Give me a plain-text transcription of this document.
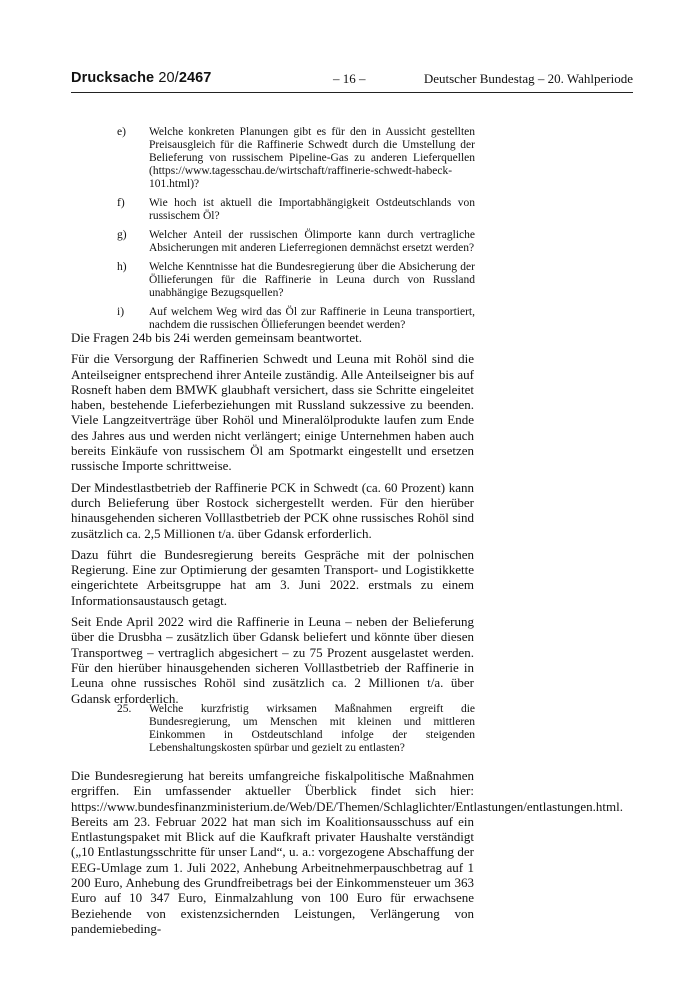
Drucksache 20/2467	– 16 –	Deutscher Bundestag – 20. Wahlperiode
e) Welche konkreten Planungen gibt es für den in Aussicht gestellten Preisausgleich für die Raffinerie Schwedt durch die Umstellung der Belieferung von russischem Pipeline-Gas zu anderen Lieferquellen (https://www.tagesschau.de/wirtschaft/raffinerie-schwedt-habeck-101.html)?
f) Wie hoch ist aktuell die Importabhängigkeit Ostdeutschlands von russischem Öl?
g) Welcher Anteil der russischen Ölimporte kann durch vertragliche Absicherungen mit anderen Lieferregionen demnächst ersetzt werden?
h) Welche Kenntnisse hat die Bundesregierung über die Absicherung der Öllieferungen für die Raffinerie in Leuna durch von Russland unabhängige Bezugsquellen?
i) Auf welchem Weg wird das Öl zur Raffinerie in Leuna transportiert, nachdem die russischen Öllieferungen beendet werden?

Die Fragen 24b bis 24i werden gemeinsam beantwortet.

Für die Versorgung der Raffinerien Schwedt und Leuna mit Rohöl sind die Anteilseigner entsprechend ihrer Anteile zuständig. Alle Anteilseigner bis auf Rosneft haben dem BMWK glaubhaft versichert, dass sie Schritte eingeleitet haben, bestehende Lieferbeziehungen mit Russland sukzessive zu beenden. Viele Langzeitverträge über Rohöl und Mineralölprodukte laufen zum Ende des Jahres aus und werden nicht verlängert; einige Unternehmen haben auch bereits Einkäufe von russischem Öl am Spotmarkt eingestellt und ersetzen russische Importe schrittweise.

Der Mindestlastbetrieb der Raffinerie PCK in Schwedt (ca. 60 Prozent) kann durch Belieferung über Rostock sichergestellt werden. Für den hierüber hinausgehenden sicheren Volllastbetrieb der PCK ohne russisches Rohöl sind zusätzlich ca. 2,5 Millionen t/a. über Gdansk erforderlich.

Dazu führt die Bundesregierung bereits Gespräche mit der polnischen Regierung. Eine zur Optimierung der gesamten Transport- und Logistikkette eingerichtete Arbeitsgruppe hat am 3. Juni 2022. erstmals zu einem Informationsaustausch getagt.

Seit Ende April 2022 wird die Raffinerie in Leuna – neben der Belieferung über die Drusbha – zusätzlich über Gdansk beliefert und könnte über diesen Transportweg – vertraglich abgesichert – zu 75 Prozent ausgelastet werden. Für den hierüber hinausgehenden sicheren Volllastbetrieb der Raffinerie in Leuna ohne russisches Rohöl sind zusätzlich ca. 2 Millionen t/a. über Gdansk erforderlich.

25.	Welche kurzfristig wirksamen Maßnahmen ergreift die Bundesregierung, um Menschen mit kleinen und mittleren Einkommen in Ostdeutschland infolge der steigenden Lebenshaltungskosten spürbar und gezielt zu entlasten?

Die Bundesregierung hat bereits umfangreiche fiskalpolitische Maßnahmen ergriffen. Ein umfassender aktueller Überblick findet sich hier: https://www.bundesfinanzministerium.de/Web/DE/Themen/Schlaglichter/Entlastungen/entlastungen.html. Bereits am 23. Februar 2022 hat man sich im Koalitionsausschuss auf ein Entlastungspaket mit Blick auf die Kaufkraft privater Haushalte verständigt („10 Entlastungsschritte für unser Land“, u. a.: vorgezogene Abschaffung der EEG-Umlage zum 1. Juli 2022, Anhebung Arbeitnehmerpauschbetrag auf 1 200 Euro, Anhebung des Grundfreibetrags bei der Einkommensteuer um 363 Euro auf 10 347 Euro, Einmalzahlung von 100 Euro für erwachsene Beziehende von existenzsichernden Leistungen, Verlängerung von pandemiebeding-
